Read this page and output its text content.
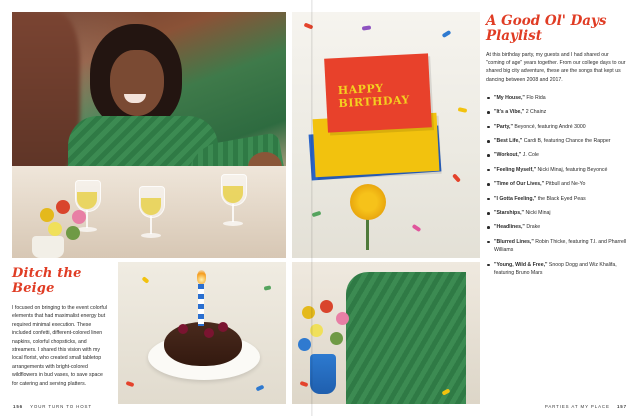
Ditch the Beige

I focused on bringing to the event colorful elements that had maximalist energy but required minimal execution. These included confetti, different-colored linen napkins, colorful chopsticks, and streamers. I shared this vision with my local florist, who created small tabletop arrangements with bright-colored wildflowers in bud vases, to save space for catering and serving platters.

156 YOUR TURN TO HOST
HAPPY
BIRTHDAY
A Good Ol' Days Playlist

At this birthday party, my guests and I had shared our "coming of age" years together. From our college days to our shared big city adventure, these are the songs that kept us dancing between 2008 and 2017.

"My House," Flo Rida
"It's a Vibe," 2 Chainz
"Party," Beyoncé, featuring André 3000
"Best Life," Cardi B, featuring Chance the Rapper
"Workout," J. Cole
"Feeling Myself," Nicki Minaj, featuring Beyoncé
"Time of Our Lives," Pitbull and Ne-Yo
"I Gotta Feeling," the Black Eyed Peas
"Starships," Nicki Minaj
"Headlines," Drake
"Blurred Lines," Robin Thicke, featuring T.I. and Pharrell Williams
"Young, Wild & Free," Snoop Dogg and Wiz Khalifa, featuring Bruno Mars
PARTIES AT MY PLACE 157
